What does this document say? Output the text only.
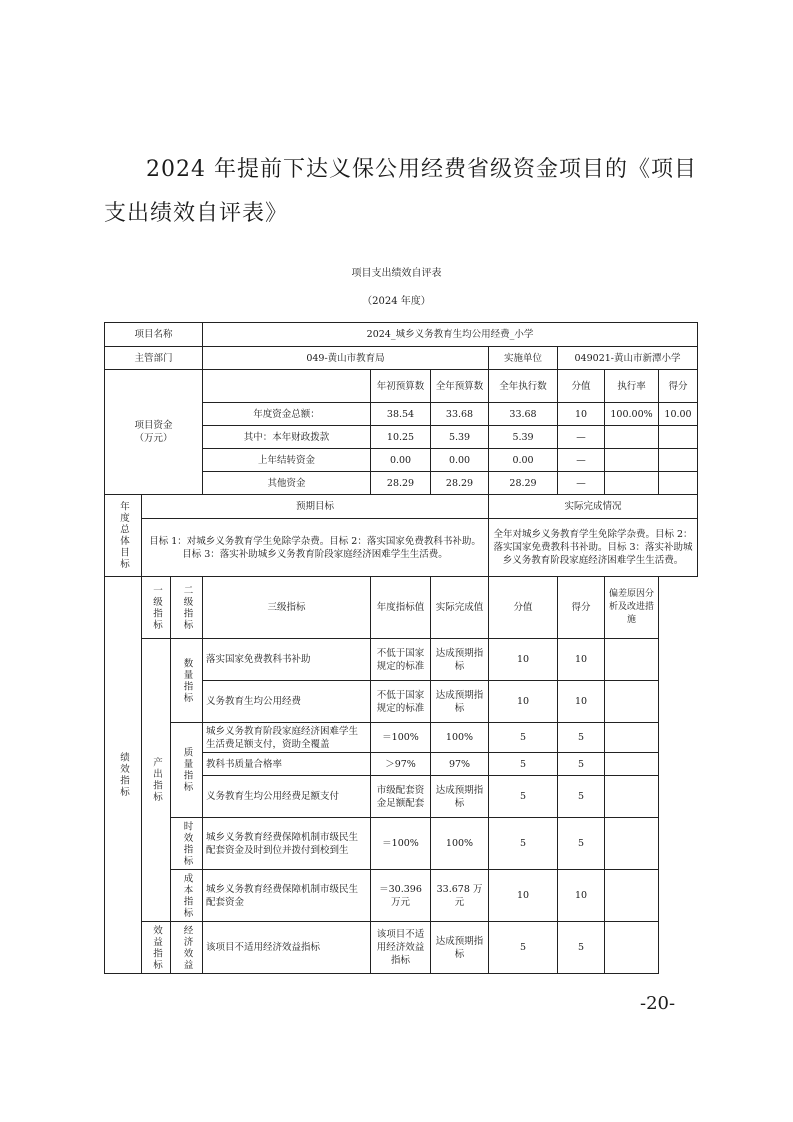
2024 年提前下达义保公用经费省级资金项目的《项目支出绩效自评表》
项目支出绩效自评表
（2024 年度）
项目名称			2024_城乡义务教育生均公用经费_小学						
主管部门			049-黄山市教育局			实施单位	049021-黄山市新潭小学		
项目资金
（万元）				年初预算数	全年预算数	全年执行数	分值	执行率	得分
			年度资金总额：	38.54	33.68	33.68	10	100.00%	10.00
			其中：本年财政拨款	10.25	5.39	5.39	—		
			上年结转资金	0.00	0.00	0.00	—		
			其他资金	28.29	28.29	28.29	—		

年度总体目标	预期目标					实际完成情况			
	目标 1：对城乡义务教育学生免除学杂费。目标 2：落实国家免费教科书补助。目标 3：落实补助城乡义务教育阶段家庭经济困难学生生活费。					全年对城乡义务教育学生免除学杂费。目标 2：落实国家免费教科书补助。目标 3：落实补助城乡义务教育阶段家庭经济困难学生生活费。			

绩效指标	一级指标	二级指标	三级指标	年度指标值	实际完成值	分值	得分	偏差原因分析及改进措施	

	产出指标	数量指标	落实国家免费教科书补助	不低于国家规定的标准	达成预期指标	10	10		
			义务教育生均公用经费	不低于国家规定的标准	达成预期指标	10	10		

		质量指标	城乡义务教育阶段家庭经济困难学生生活费足额支付，资助全覆盖	＝100%	100%	5	5		
			教科书质量合格率	＞97%	97%	5	5		
			义务教育生均公用经费足额支付	市级配套资金足额配套	达成预期指标	5	5		

		时效指标	城乡义务教育经费保障机制市级民生配套资金及时到位并拨付到校到生	＝100%	100%	5	5		

		成本指标	城乡义务教育经费保障机制市级民生配套资金	＝30.396 万元	33.678 万元	10	10		

	效益指标	经济效益	该项目不适用经济效益指标	该项目不适用经济效益指标	达成预期指标	5	5		
-20-
